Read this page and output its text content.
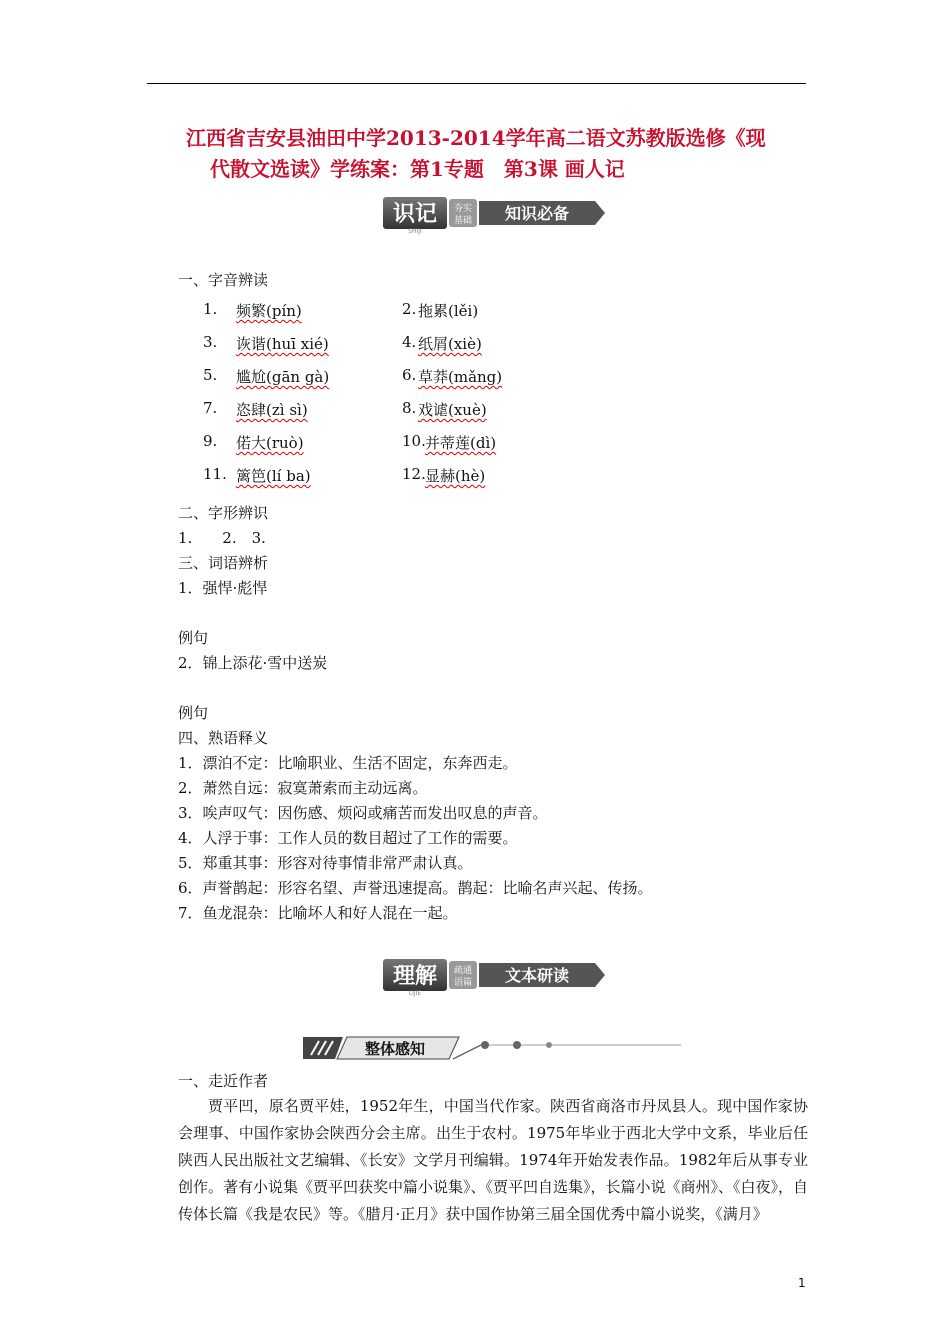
江西省吉安县油田中学2013-2014学年高二语文苏教版选修《现
代散文选读》学练案：第1专题　第3课 画人记
识记
SHIJI
夯实
基础 知识必备
一、字音辨读
1. 频繁(pín)	2. 拖累(lěi)
3. 诙谐(huī xié)	4. 纸屑(xiè)
5. 尴尬(gān gà)	6. 草莽(mǎng)
7. 恣肆(zì sì)	8. 戏谑(xuè)
9. 偌大(ruò)	10. 并蒂莲(dì)
11. 篱笆(lí ba)	12. 显赫(hè)
二、字形辨识
1.　　2.　3.
三、词语辨析
1．强悍·彪悍
例句
2．锦上添花·雪中送炭
例句
四、熟语释义
1．漂泊不定：比喻职业、生活不固定，东奔西走。
2．萧然自远：寂寞萧索而主动远离。
3．唉声叹气：因伤感、烦闷或痛苦而发出叹息的声音。
4．人浮于事：工作人员的数目超过了工作的需要。
5．郑重其事：形容对待事情非常严肃认真。
6．声誉鹊起：形容名望、声誉迅速提高。鹊起：比喻名声兴起、传扬。
7．鱼龙混杂：比喻坏人和好人混在一起。
理解
LIJIE
疏通
语篇 文本研读
整体感知
一、走近作者
贾平凹，原名贾平娃，1952年生，中国当代作家。陕西省商洛市丹凤县人。现中国作家协会理事、中国作家协会陕西分会主席。出生于农村。1975年毕业于西北大学中文系，毕业后任陕西人民出版社文艺编辑、《长安》文学月刊编辑。1974年开始发表作品。1982年后从事专业创作。著有小说集《贾平凹获奖中篇小说集》、《贾平凹自选集》，长篇小说《商州》、《白夜》，自传体长篇《我是农民》等。《腊月·正月》获中国作协第三届全国优秀中篇小说奖，《满月》
1
